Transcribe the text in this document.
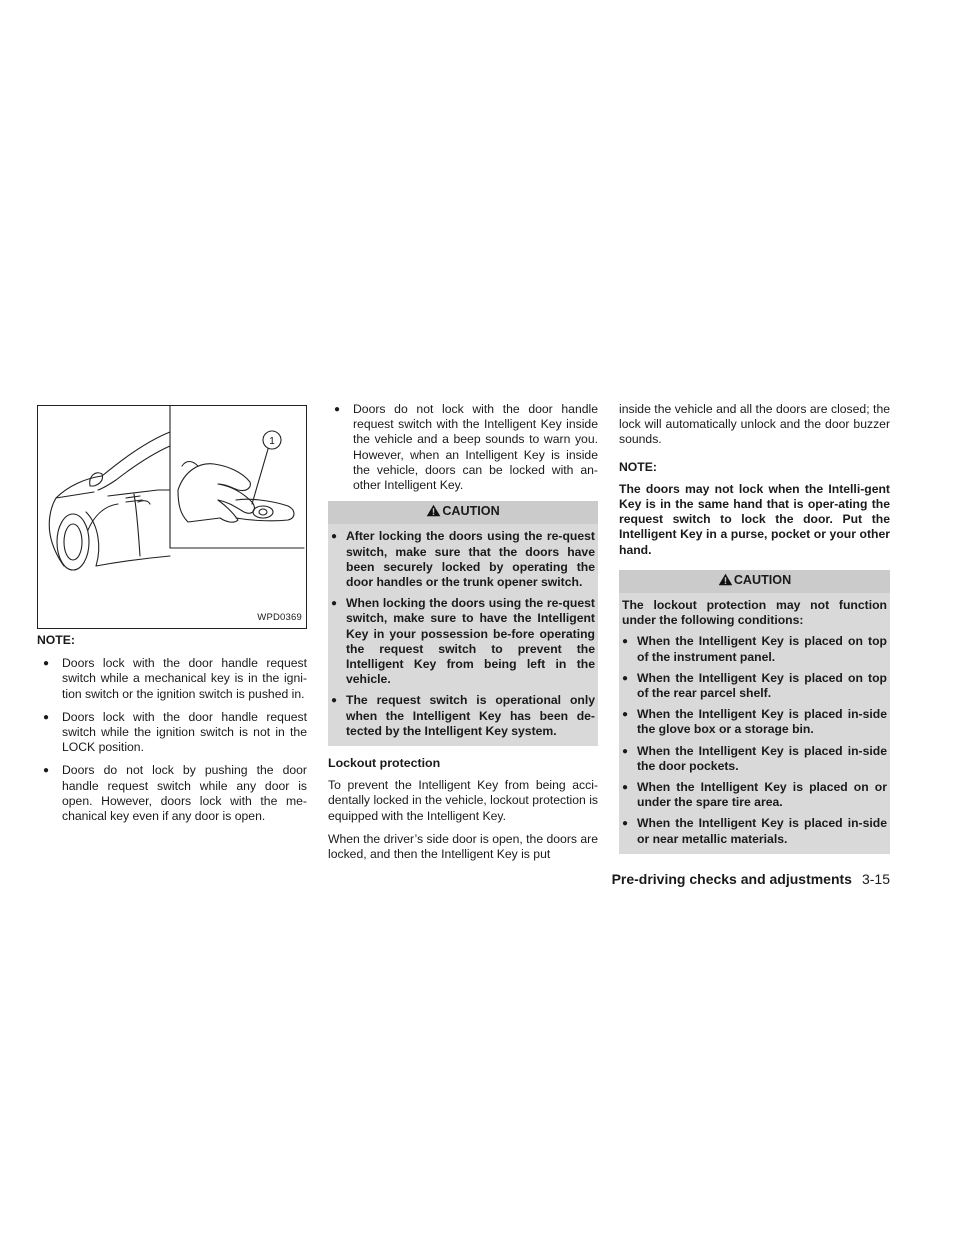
1
WPD0369
NOTE:
● Doors lock with the door handle request switch while a mechanical key is in the igni-tion switch or the ignition switch is pushed in.
● Doors lock with the door handle request switch while the ignition switch is not in the LOCK position.
● Doors do not lock by pushing the door handle request switch while any door is open. However, doors lock with the me-chanical key even if any door is open.
● Doors do not lock with the door handle request switch with the Intelligent Key inside the vehicle and a beep sounds to warn you. However, when an Intelligent Key is inside the vehicle, doors can be locked with an-other Intelligent Key.
CAUTION
● After locking the doors using the re-quest switch, make sure that the doors have been securely locked by operating the door handles or the trunk opener switch.
● When locking the doors using the re-quest switch, make sure to have the Intelligent Key in your possession be-fore operating the request switch to prevent the Intelligent Key from being left in the vehicle.
● The request switch is operational only when the Intelligent Key has been de-tected by the Intelligent Key system.
Lockout protection

To prevent the Intelligent Key from being acci-dentally locked in the vehicle, lockout protection is equipped with the Intelligent Key.

When the driver’s side door is open, the doors are locked, and then the Intelligent Key is put

inside the vehicle and all the doors are closed; the lock will automatically unlock and the door buzzer sounds.

NOTE:

The doors may not lock when the Intelli-gent Key is in the same hand that is oper-ating the request switch to lock the door. Put the Intelligent Key in a purse, pocket or your other hand.

CAUTION

The lockout protection may not function under the following conditions:

● When the Intelligent Key is placed on top of the instrument panel.
● When the Intelligent Key is placed on top of the rear parcel shelf.
● When the Intelligent Key is placed in-side the glove box or a storage bin.
● When the Intelligent Key is placed in-side the door pockets.
● When the Intelligent Key is placed on or under the spare tire area.
● When the Intelligent Key is placed in-side or near metallic materials.
Pre-driving checks and adjustments 3-15
